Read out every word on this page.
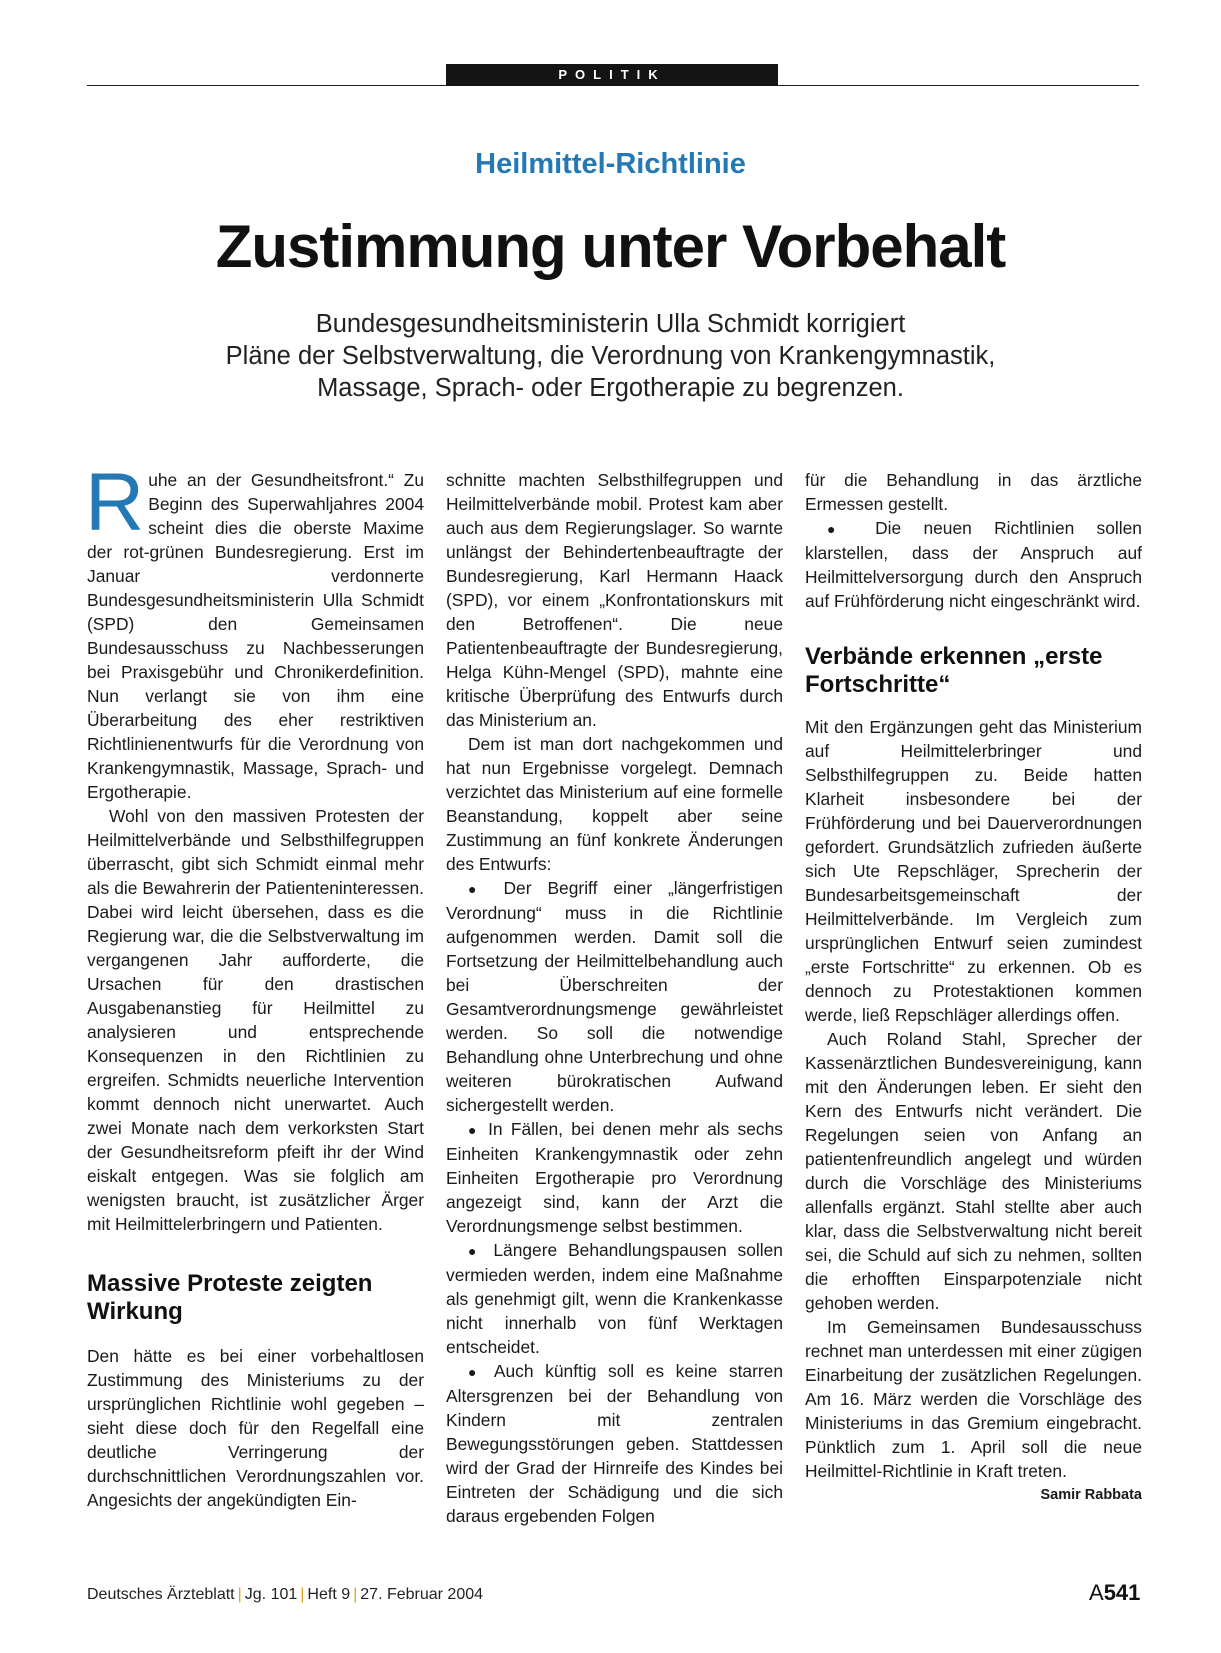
POLITIK
Heilmittel-Richtlinie
Zustimmung unter Vorbehalt
Bundesgesundheitsministerin Ulla Schmidt korrigiert
Pläne der Selbstverwaltung, die Verordnung von Krankengymnastik,
Massage, Sprach- oder Ergotherapie zu begrenzen.

Ruhe an der Gesundheitsfront.“ Zu Beginn des Superwahljahres 2004 scheint dies die oberste Maxime der rot-grünen Bundesregierung. Erst im Januar verdonnerte Bundesgesundheitsministerin Ulla Schmidt (SPD) den Gemeinsamen Bundesausschuss zu Nachbesserungen bei Praxisgebühr und Chronikerdefinition. Nun verlangt sie von ihm eine Überarbeitung des eher restriktiven Richtlinienentwurfs für die Verordnung von Krankengymnastik, Massage, Sprach- und Ergotherapie.

Wohl von den massiven Protesten der Heilmittelverbände und Selbsthilfegruppen überrascht, gibt sich Schmidt einmal mehr als die Bewahrerin der Patienteninteressen. Dabei wird leicht übersehen, dass es die Regierung war, die die Selbstverwaltung im vergangenen Jahr aufforderte, die Ursachen für den drastischen Ausgabenanstieg für Heilmittel zu analysieren und entsprechende Konsequenzen in den Richtlinien zu ergreifen. Schmidts neuerliche Intervention kommt dennoch nicht unerwartet. Auch zwei Monate nach dem verkorksten Start der Gesundheitsreform pfeift ihr der Wind eiskalt entgegen. Was sie folglich am wenigsten braucht, ist zusätzlicher Ärger mit Heilmittelerbringern und Patienten.

Massive Proteste zeigten Wirkung

Den hätte es bei einer vorbehaltlosen Zustimmung des Ministeriums zu der ursprünglichen Richtlinie wohl gegeben – sieht diese doch für den Regelfall eine deutliche Verringerung der durchschnittlichen Verordnungszahlen vor. Angesichts der angekündigten Ein-

schnitte machten Selbsthilfegruppen und Heilmittelverbände mobil. Protest kam aber auch aus dem Regierungslager. So warnte unlängst der Behindertenbeauftragte der Bundesregierung, Karl Hermann Haack (SPD), vor einem „Konfrontationskurs mit den Betroffenen“. Die neue Patientenbeauftragte der Bundesregierung, Helga Kühn-Mengel (SPD), mahnte eine kritische Überprüfung des Entwurfs durch das Ministerium an.

Dem ist man dort nachgekommen und hat nun Ergebnisse vorgelegt. Demnach verzichtet das Ministerium auf eine formelle Beanstandung, koppelt aber seine Zustimmung an fünf konkrete Änderungen des Entwurfs:

● Der Begriff einer „längerfristigen Verordnung“ muss in die Richtlinie aufgenommen werden. Damit soll die Fortsetzung der Heilmittelbehandlung auch bei Überschreiten der Gesamtverordnungsmenge gewährleistet werden. So soll die notwendige Behandlung ohne Unterbrechung und ohne weiteren bürokratischen Aufwand sichergestellt werden.

● In Fällen, bei denen mehr als sechs Einheiten Krankengymnastik oder zehn Einheiten Ergotherapie pro Verordnung angezeigt sind, kann der Arzt die Verordnungsmenge selbst bestimmen.

● Längere Behandlungspausen sollen vermieden werden, indem eine Maßnahme als genehmigt gilt, wenn die Krankenkasse nicht innerhalb von fünf Werktagen entscheidet.

● Auch künftig soll es keine starren Altersgrenzen bei der Behandlung von Kindern mit zentralen Bewegungsstörungen geben. Stattdessen wird der Grad der Hirnreife des Kindes bei Eintreten der Schädigung und die sich daraus ergebenden Folgen

für die Behandlung in das ärztliche Ermessen gestellt.

● Die neuen Richtlinien sollen klarstellen, dass der Anspruch auf Heilmittelversorgung durch den Anspruch auf Frühförderung nicht eingeschränkt wird.

Verbände erkennen „erste Fortschritte“

Mit den Ergänzungen geht das Ministerium auf Heilmittelerbringer und Selbsthilfegruppen zu. Beide hatten Klarheit insbesondere bei der Frühförderung und bei Dauerverordnungen gefordert. Grundsätzlich zufrieden äußerte sich Ute Repschläger, Sprecherin der Bundesarbeitsgemeinschaft der Heilmittelverbände. Im Vergleich zum ursprünglichen Entwurf seien zumindest „erste Fortschritte“ zu erkennen. Ob es dennoch zu Protestaktionen kommen werde, ließ Repschläger allerdings offen.

Auch Roland Stahl, Sprecher der Kassenärztlichen Bundesvereinigung, kann mit den Änderungen leben. Er sieht den Kern des Entwurfs nicht verändert. Die Regelungen seien von Anfang an patientenfreundlich angelegt und würden durch die Vorschläge des Ministeriums allenfalls ergänzt. Stahl stellte aber auch klar, dass die Selbstverwaltung nicht bereit sei, die Schuld auf sich zu nehmen, sollten die erhofften Einsparpotenziale nicht gehoben werden.

Im Gemeinsamen Bundesausschuss rechnet man unterdessen mit einer zügigen Einarbeitung der zusätzlichen Regelungen. Am 16. März werden die Vorschläge des Ministeriums in das Gremium eingebracht. Pünktlich zum 1. April soll die neue Heilmittel-Richtlinie in Kraft treten.
Samir Rabbata

Deutsches Ärzteblatt | Jg. 101 | Heft 9 | 27. Februar 2004	A541
